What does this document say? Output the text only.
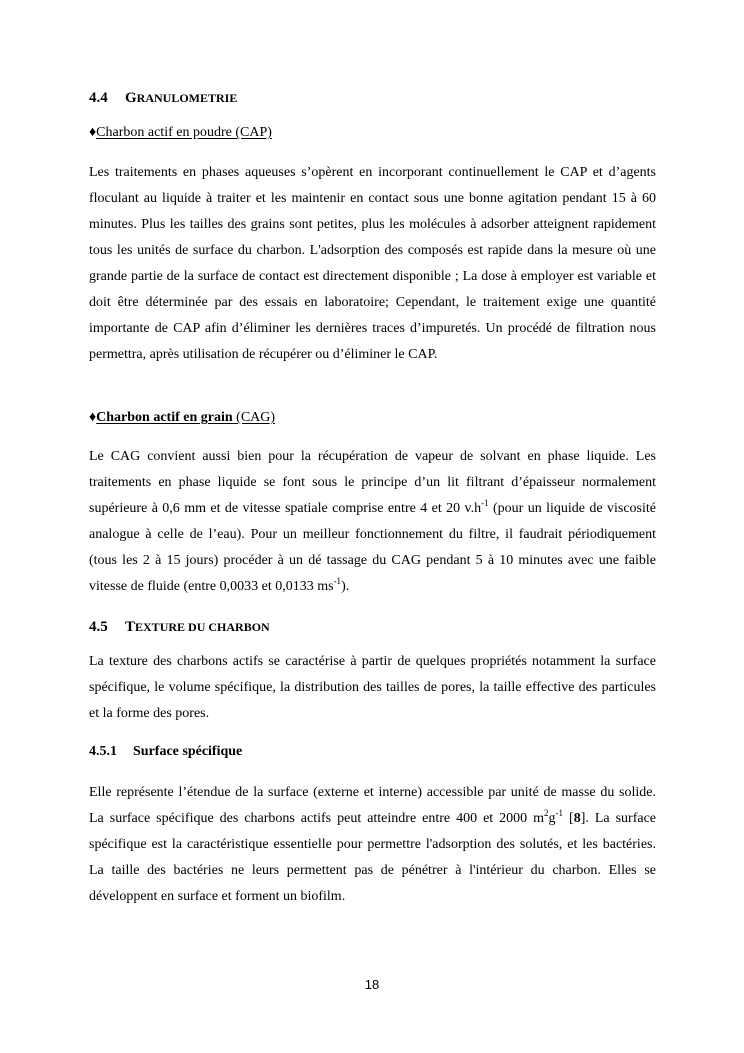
4.4 GRANULOMETRIE
♦Charbon actif en poudre (CAP)

Les traitements en phases aqueuses s’opèrent en incorporant continuellement le CAP et d’agents floculant au liquide à traiter et les maintenir en contact sous une bonne agitation pendant 15 à 60 minutes. Plus les tailles des grains sont petites, plus les molécules à adsorber atteignent rapidement tous les unités de surface du charbon. L'adsorption des composés est rapide dans la mesure où une grande partie de la surface de contact est directement disponible ; La dose à employer est variable et doit être déterminée par des essais en laboratoire; Cependant, le traitement exige une quantité importante de CAP afin d’éliminer les dernières traces d’impuretés. Un procédé de filtration nous permettra, après utilisation de récupérer ou d’éliminer le CAP.

♦Charbon actif en grain (CAG)

Le CAG convient aussi bien pour la récupération de vapeur de solvant en phase liquide. Les traitements en phase liquide se font sous le principe d’un lit filtrant d’épaisseur normalement supérieure à 0,6 mm et de vitesse spatiale comprise entre 4 et 20 $v.h^{-1}$ (pour un liquide de viscosité analogue à celle de l’eau). Pour un meilleur fonctionnement du filtre, il faudrait périodiquement (tous les 2 à 15 jours) procéder à un dé tassage du CAG pendant 5 à 10 minutes avec une faible vitesse de fluide (entre 0,0033 et 0,0133 $ms^{-1}$).

4.5 TEXTURE DU CHARBON

La texture des charbons actifs se caractérise à partir de quelques propriétés notamment la surface spécifique, le volume spécifique, la distribution des tailles de pores, la taille effective des particules et la forme des pores.

4.5.1 Surface spécifique

Elle représente l’étendue de la surface (externe et interne) accessible par unité de masse du solide. La surface spécifique des charbons actifs peut atteindre entre 400 et 2000 $m^2g^{-1}$ [8]. La surface spécifique est la caractéristique essentielle pour permettre l'adsorption des solutés, et les bactéries. La taille des bactéries ne leurs permettent pas de pénétrer à l'intérieur du charbon. Elles se développent en surface et forment un biofilm.

18
